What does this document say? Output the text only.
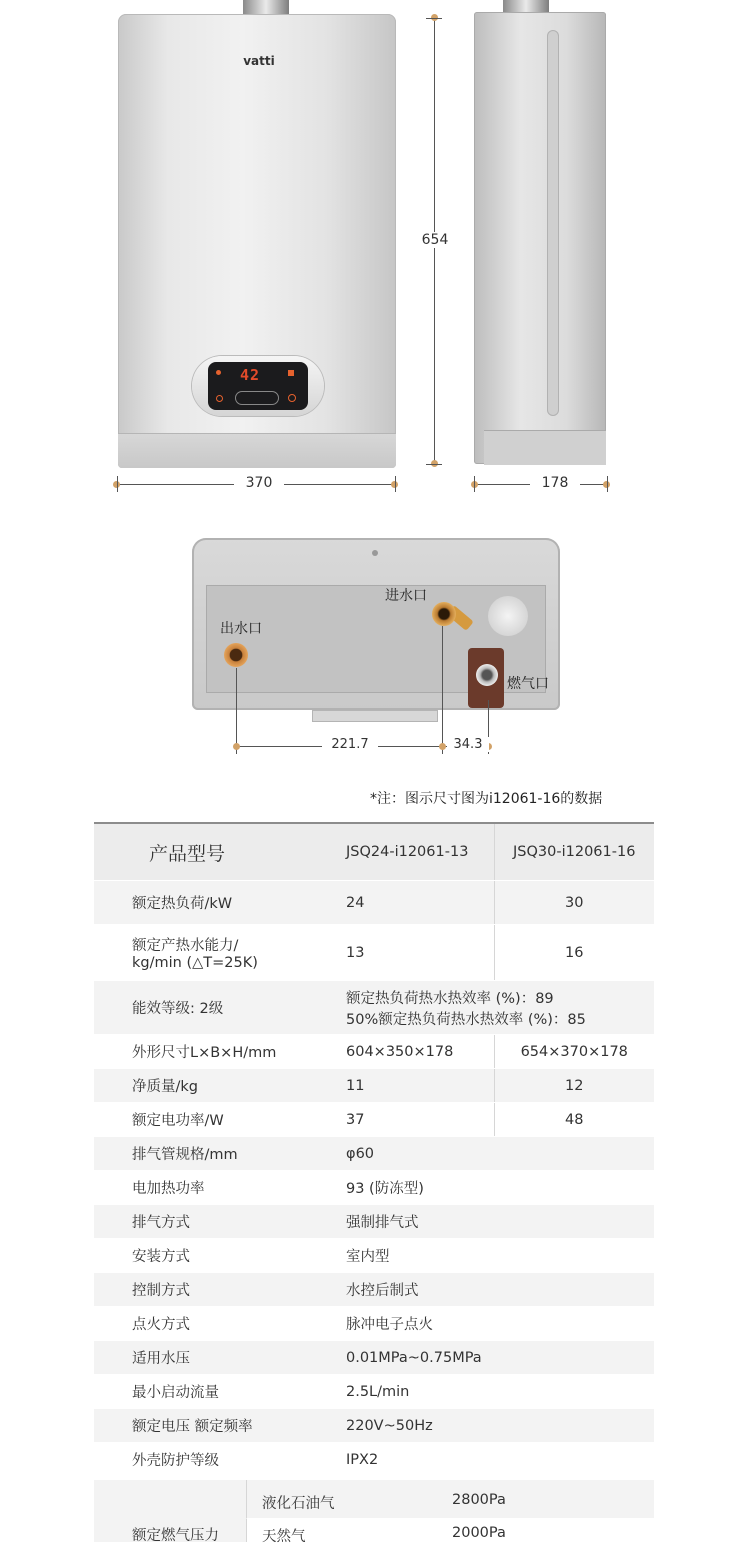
vatti
42
654
370	178
出水口
进水口
燃气口
221.7	34.3
*注：图示尺寸图为i12061-16的数据
产品型号	JSQ24-i12061-13	JSQ30-i12061-16
额定热负荷/kW	24	30
额定产热水能力/
kg/min (△T=25K)	13	16
能效等级: 2级	额定热负荷热水热效率 (%)：89
50%额定热负荷热水热效率 (%)：85	
外形尺寸L×B×H/mm	604×350×178	654×370×178
净质量/kg	11	12
额定电功率/W	37	48
排气管规格/mm	φ60	
电加热功率	93 (防冻型)	
排气方式	强制排气式	
安装方式	室内型	
控制方式	水控后制式	
点火方式	脉冲电子点火	
适用水压	0.01MPa~0.75MPa	
最小启动流量	2.5L/min	
额定电压 额定频率	220V~50Hz	
外壳防护等级	IPX2	
额定燃气压力
液化石油气	2800Pa
天然气	2000Pa
